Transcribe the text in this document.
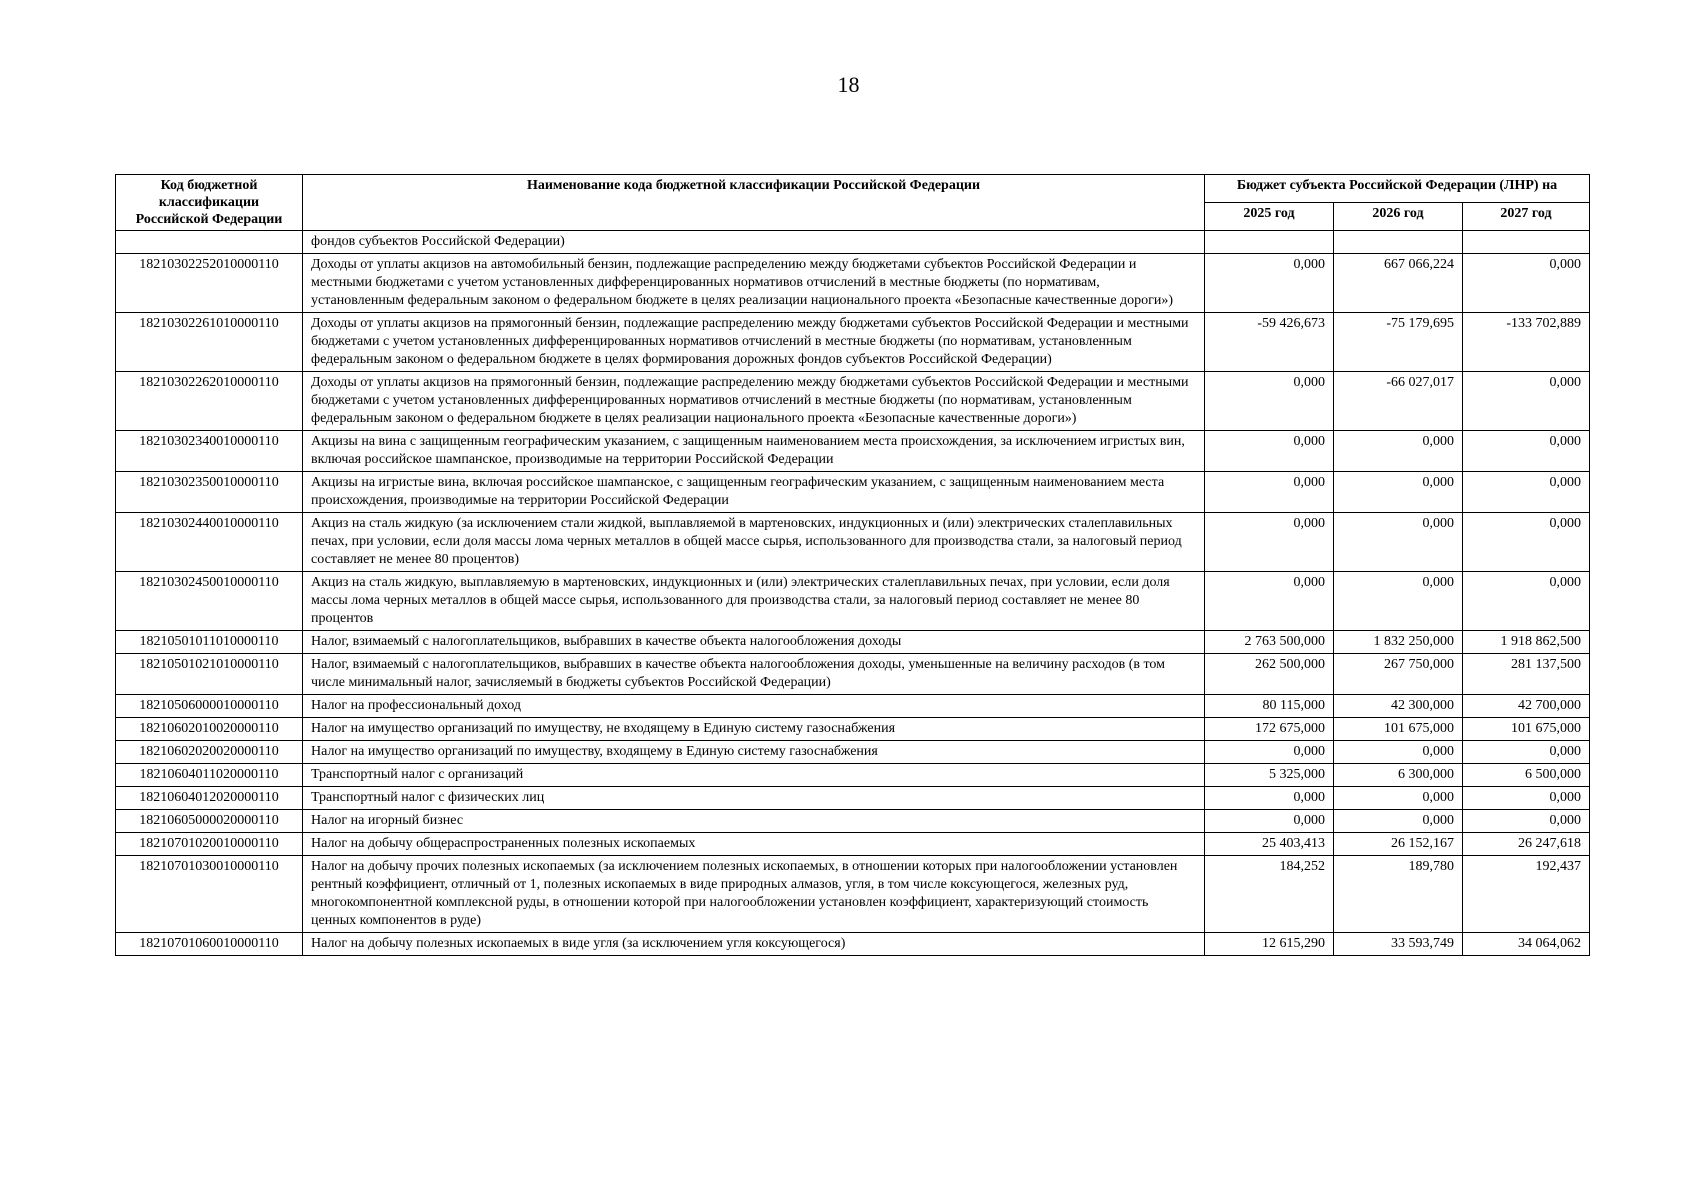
18
Код бюджетной классификации Российской Федерации	Наименование кода бюджетной классификации Российской Федерации	Бюджет субъекта Российской Федерации (ЛНР) на		
		2025 год	2026 год	2027 год
	фондов субъектов Российской Федерации)			
18210302252010000110	Доходы от уплаты акцизов на автомобильный бензин, подлежащие распределению между бюджетами субъектов Российской Федерации и местными бюджетами с учетом установленных дифференцированных нормативов отчислений в местные бюджеты (по нормативам, установленным федеральным законом о федеральном бюджете в целях реализации национального проекта «Безопасные качественные дороги»)	0,000	667 066,224	0,000
18210302261010000110	Доходы от уплаты акцизов на прямогонный бензин, подлежащие распределению между бюджетами субъектов Российской Федерации и местными бюджетами с учетом установленных дифференцированных нормативов отчислений в местные бюджеты (по нормативам, установленным федеральным законом о федеральном бюджете в целях формирования дорожных фондов субъектов Российской Федерации)	-59 426,673	-75 179,695	-133 702,889
18210302262010000110	Доходы от уплаты акцизов на прямогонный бензин, подлежащие распределению между бюджетами субъектов Российской Федерации и местными бюджетами с учетом установленных дифференцированных нормативов отчислений в местные бюджеты (по нормативам, установленным федеральным законом о федеральном бюджете в целях реализации национального проекта «Безопасные качественные дороги»)	0,000	-66 027,017	0,000
18210302340010000110	Акцизы на вина с защищенным географическим указанием, с защищенным наименованием места происхождения, за исключением игристых вин, включая российское шампанское, производимые на территории Российской Федерации	0,000	0,000	0,000
18210302350010000110	Акцизы на игристые вина, включая российское шампанское, с защищенным географическим указанием, с защищенным наименованием места происхождения, производимые на территории Российской Федерации	0,000	0,000	0,000
18210302440010000110	Акциз на сталь жидкую (за исключением стали жидкой, выплавляемой в мартеновских, индукционных и (или) электрических сталеплавильных печах, при условии, если доля массы лома черных металлов в общей массе сырья, использованного для производства стали, за налоговый период составляет не менее 80 процентов)	0,000	0,000	0,000
18210302450010000110	Акциз на сталь жидкую, выплавляемую в мартеновских, индукционных и (или) электрических сталеплавильных печах, при условии, если доля массы лома черных металлов в общей массе сырья, использованного для производства стали, за налоговый период составляет не менее 80 процентов	0,000	0,000	0,000
18210501011010000110	Налог, взимаемый с налогоплательщиков, выбравших в качестве объекта налогообложения доходы	2 763 500,000	1 832 250,000	1 918 862,500
18210501021010000110	Налог, взимаемый с налогоплательщиков, выбравших в качестве объекта налогообложения доходы, уменьшенные на величину расходов (в том числе минимальный налог, зачисляемый в бюджеты субъектов Российской Федерации)	262 500,000	267 750,000	281 137,500
18210506000010000110	Налог на профессиональный доход	80 115,000	42 300,000	42 700,000
18210602010020000110	Налог на имущество организаций по имуществу, не входящему в Единую систему газоснабжения	172 675,000	101 675,000	101 675,000
18210602020020000110	Налог на имущество организаций по имуществу, входящему в Единую систему газоснабжения	0,000	0,000	0,000
18210604011020000110	Транспортный налог с организаций	5 325,000	6 300,000	6 500,000
18210604012020000110	Транспортный налог с физических лиц	0,000	0,000	0,000
18210605000020000110	Налог на игорный бизнес	0,000	0,000	0,000
18210701020010000110	Налог на добычу общераспространенных полезных ископаемых	25 403,413	26 152,167	26 247,618
18210701030010000110	Налог на добычу прочих полезных ископаемых (за исключением полезных ископаемых, в отношении которых при налогообложении установлен рентный коэффициент, отличный от 1, полезных ископаемых в виде природных алмазов, угля, в том числе коксующегося, железных руд, многокомпонентной комплексной руды, в отношении которой при налогообложении установлен коэффициент, характеризующий стоимость ценных компонентов в руде)	184,252	189,780	192,437
18210701060010000110	Налог на добычу полезных ископаемых в виде угля (за исключением угля коксующегося)	12 615,290	33 593,749	34 064,062
